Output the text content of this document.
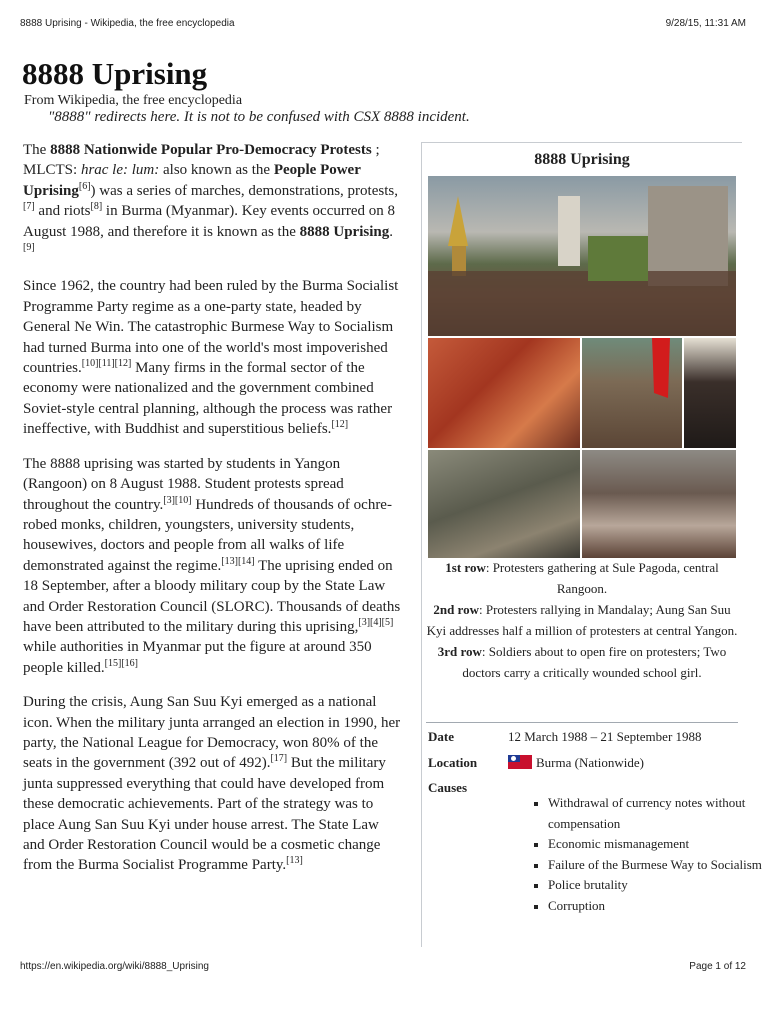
8888 Uprising - Wikipedia, the free encyclopedia	9/28/15, 11:31 AM
8888 Uprising
From Wikipedia, the free encyclopedia
"8888" redirects here. It is not to be confused with CSX 8888 incident.

The 8888 Nationwide Popular Pro-Democracy Protests ; MLCTS: hrac le: lum: also known as the People Power Uprising[6]) was a series of marches, demonstrations, protests,[7] and riots[8] in Burma (Myanmar). Key events occurred on 8 August 1988, and therefore it is known as the 8888 Uprising.[9]

Since 1962, the country had been ruled by the Burma Socialist Programme Party regime as a one-party state, headed by General Ne Win. The catastrophic Burmese Way to Socialism had turned Burma into one of the world's most impoverished countries.[10][11][12] Many firms in the formal sector of the economy were nationalized and the government combined Soviet-style central planning, although the process was rather ineffective, with Buddhist and superstitious beliefs.[12]

The 8888 uprising was started by students in Yangon (Rangoon) on 8 August 1988. Student protests spread throughout the country.[3][10] Hundreds of thousands of ochre-robed monks, children, youngsters, university students, housewives, doctors and people from all walks of life demonstrated against the regime.[13][14] The uprising ended on 18 September, after a bloody military coup by the State Law and Order Restoration Council (SLORC). Thousands of deaths have been attributed to the military during this uprising,[3][4][5] while authorities in Myanmar put the figure at around 350 people killed.[15][16]

During the crisis, Aung San Suu Kyi emerged as a national icon. When the military junta arranged an election in 1990, her party, the National League for Democracy, won 80% of the seats in the government (392 out of 492).[17] But the military junta suppressed everything that could have developed from these democratic achievements. Part of the strategy was to place Aung San Suu Kyi under house arrest. The State Law and Order Restoration Council would be a cosmetic change from the Burma Socialist Programme Party.[13]

8888 Uprising
1st row: Protesters gathering at Sule Pagoda, central Rangoon.
2nd row: Protesters rallying in Mandalay; Aung San Suu Kyi addresses half a million of protesters at central Yangon.
3rd row: Soldiers about to open fire on protesters; Two doctors carry a critically wounded school girl.
Date	12 March 1988 – 21 September 1988
Location	Burma (Nationwide)
Causes
Withdrawal of currency notes without compensation
Economic mismanagement
Failure of the Burmese Way to Socialism
Police brutality
Corruption
https://en.wikipedia.org/wiki/8888_Uprising	Page 1 of 12
